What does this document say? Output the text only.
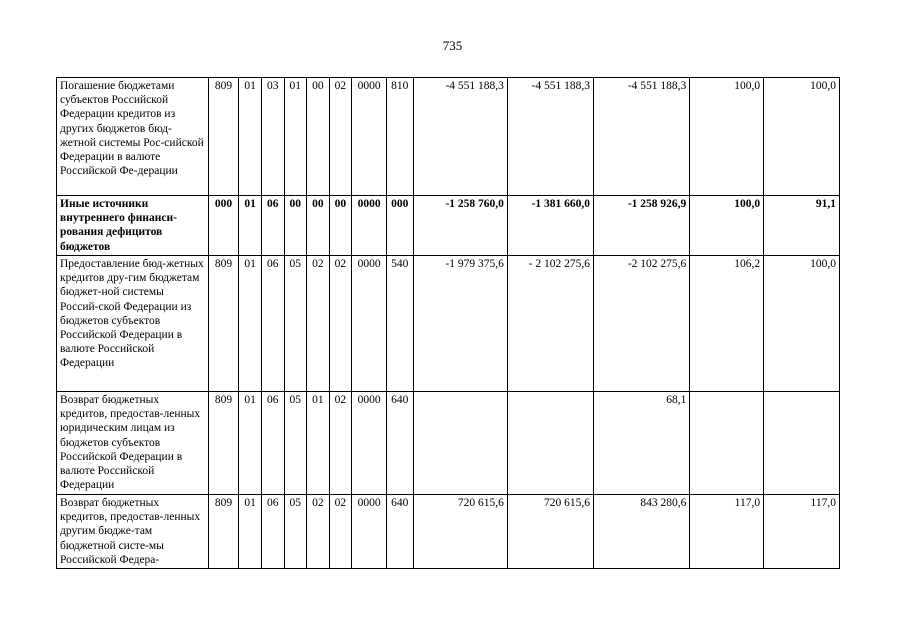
735
Погашение бюджетами субъектов Российской Федерации кредитов из других бюджетов бюд-жетной системы Рос-сийской Федерации в валюте Российской Фе-дерации	809	01	03	01	00	02	0000	810	-4 551 188,3	-4 551 188,3	-4 551 188,3	100,0	100,0
Иные источники внутреннего финанси-рования дефицитов бюджетов	000	01	06	00	00	00	0000	000	-1 258 760,0	-1 381 660,0	-1 258 926,9	100,0	91,1
Предоставление бюд-жетных кредитов дру-гим бюджетам бюджет-ной системы Россий-ской Федерации из бюджетов субъектов Российской Федерации в валюте Российской Федерации	809	01	06	05	02	02	0000	540	-1 979 375,6	- 2 102 275,6	-2 102 275,6	106,2	100,0
Возврат бюджетных кредитов, предостав-ленных юридическим лицам из бюджетов субъектов Российской Федерации в валюте Российской Федерации	809	01	06	05	01	02	0000	640			68,1		
Возврат бюджетных кредитов, предостав-ленных другим бюдже-там бюджетной систе-мы Российской Федера-	809	01	06	05	02	02	0000	640	720 615,6	720 615,6	843 280,6	117,0	117,0
